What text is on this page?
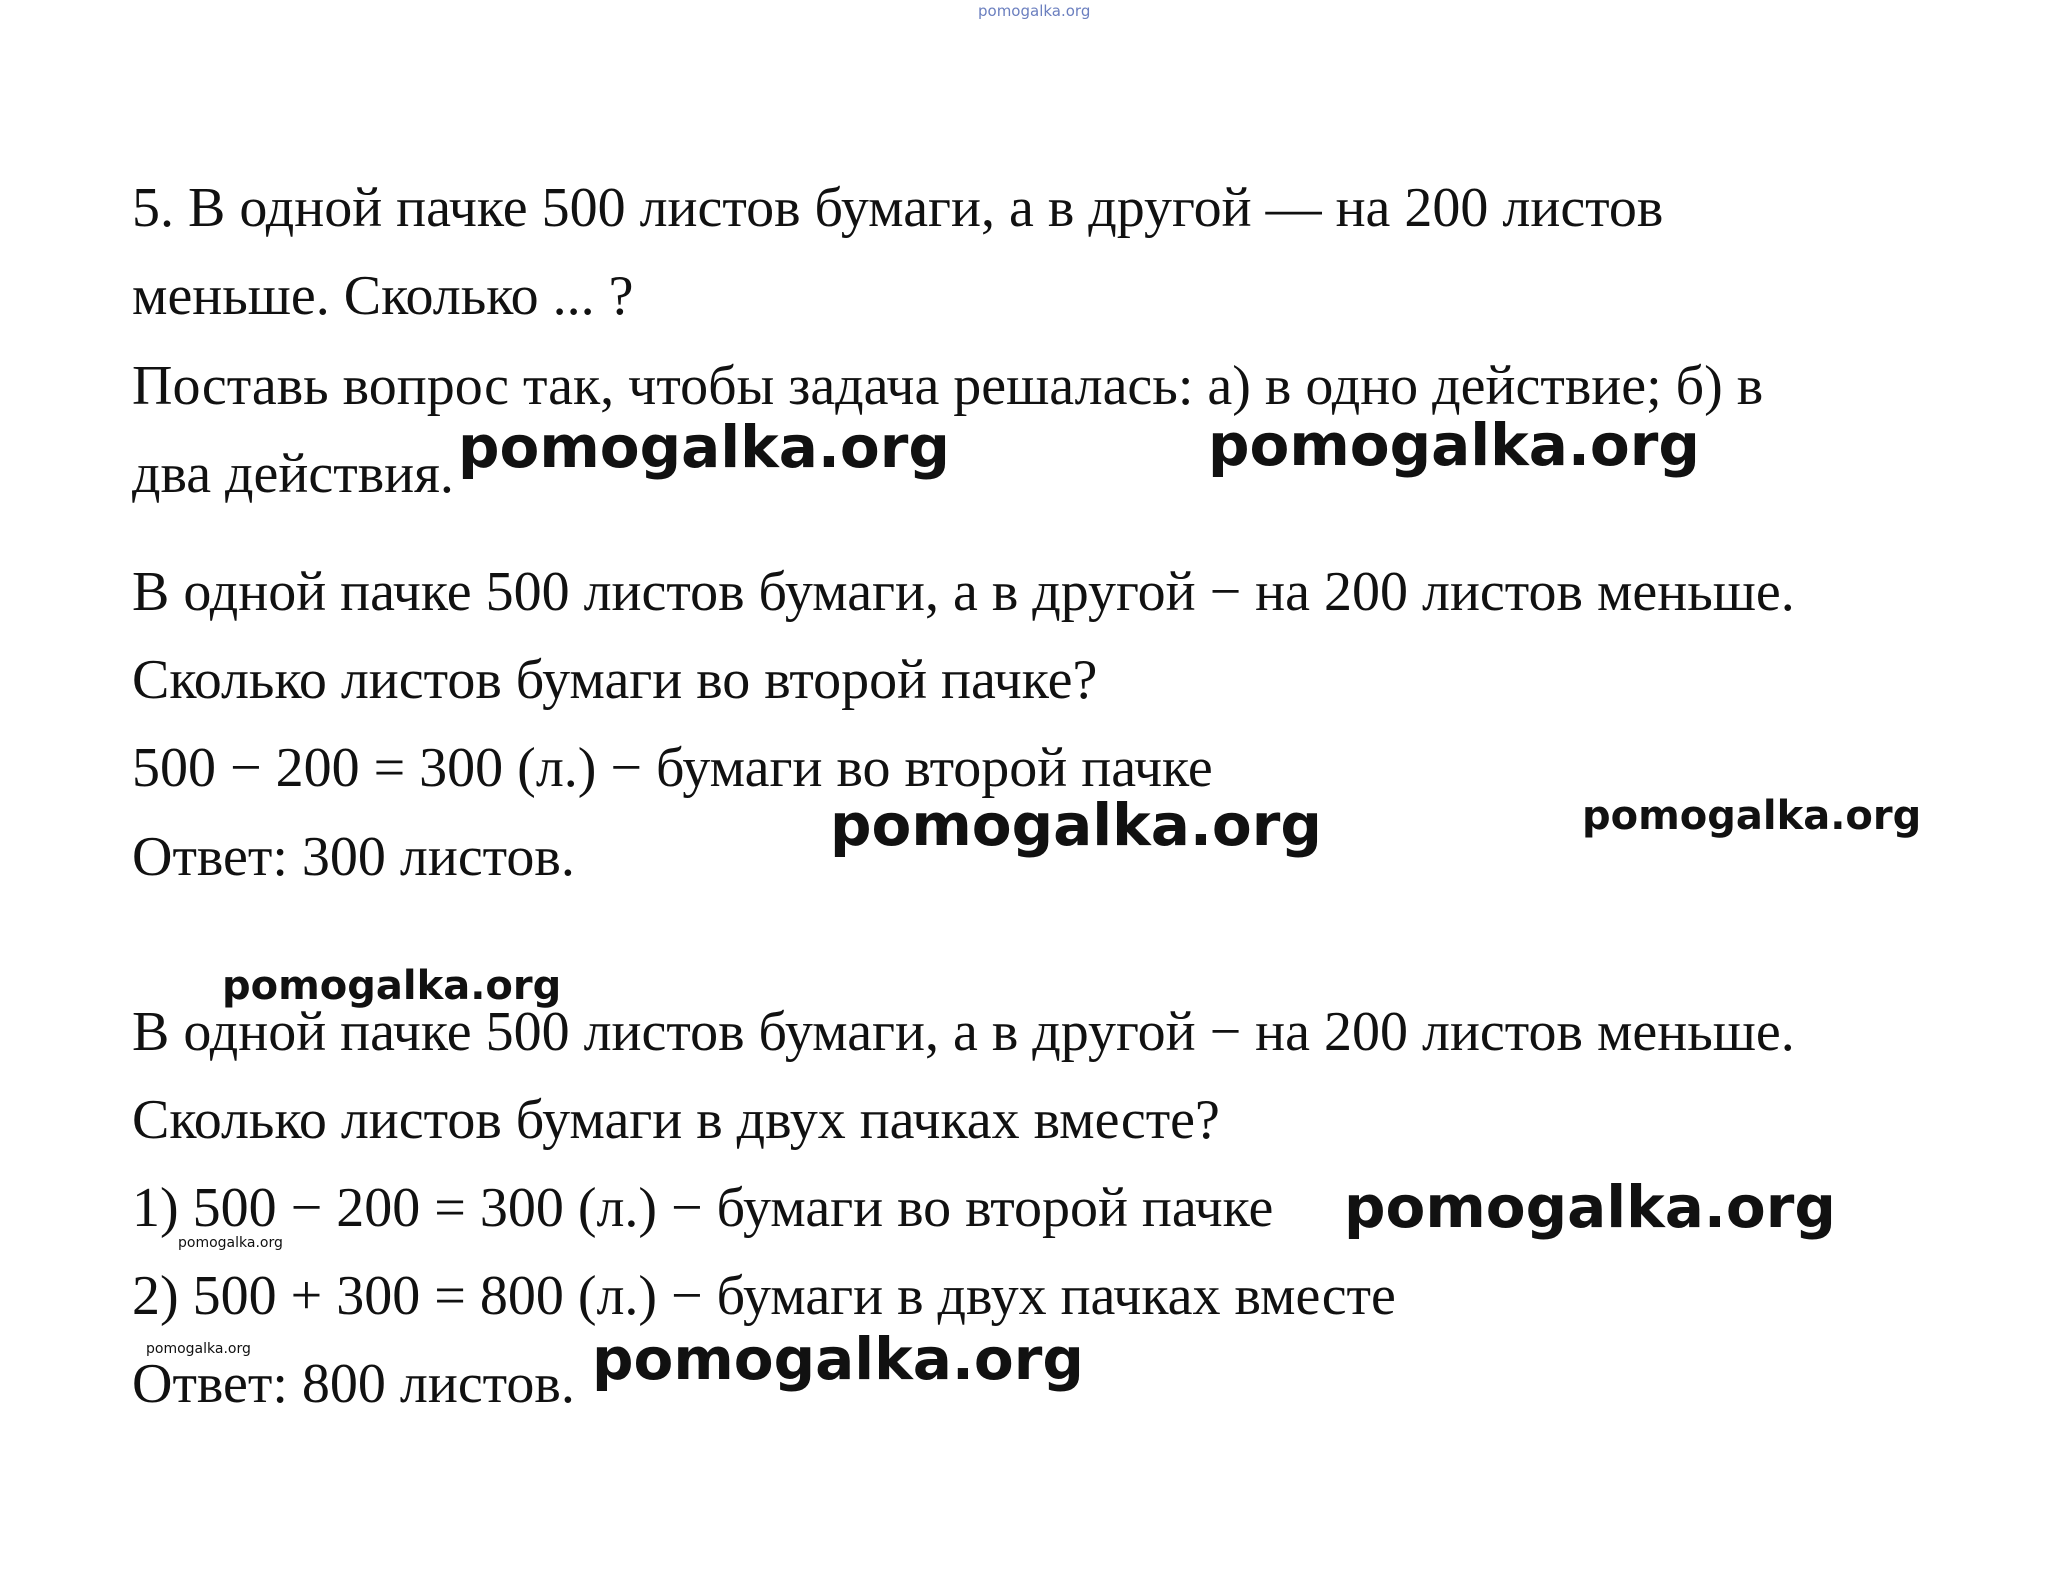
pomogalka.org
5. В одной пачке 500 листов бумаги, а в другой — на 200 листов
меньше. Сколько ... ?
Поставь вопрос так, чтобы задача решалась: а) в одно действие; б) в
два действия.
В одной пачке 500 листов бумаги, а в другой − на 200 листов меньше.
Сколько листов бумаги во второй пачке?
500 − 200 = 300 (л.) − бумаги во второй пачке
Ответ: 300 листов.
В одной пачке 500 листов бумаги, а в другой − на 200 листов меньше.
Сколько листов бумаги в двух пачках вместе?
1) 500 − 200 = 300 (л.) − бумаги во второй пачке
2) 500 + 300 = 800 (л.) − бумаги в двух пачках вместе
Ответ: 800 листов.
pomogalka.org	pomogalka.org
pomogalka.org	pomogalka.org
pomogalka.org
pomogalka.org
pomogalka.org
pomogalka.org	pomogalka.org
